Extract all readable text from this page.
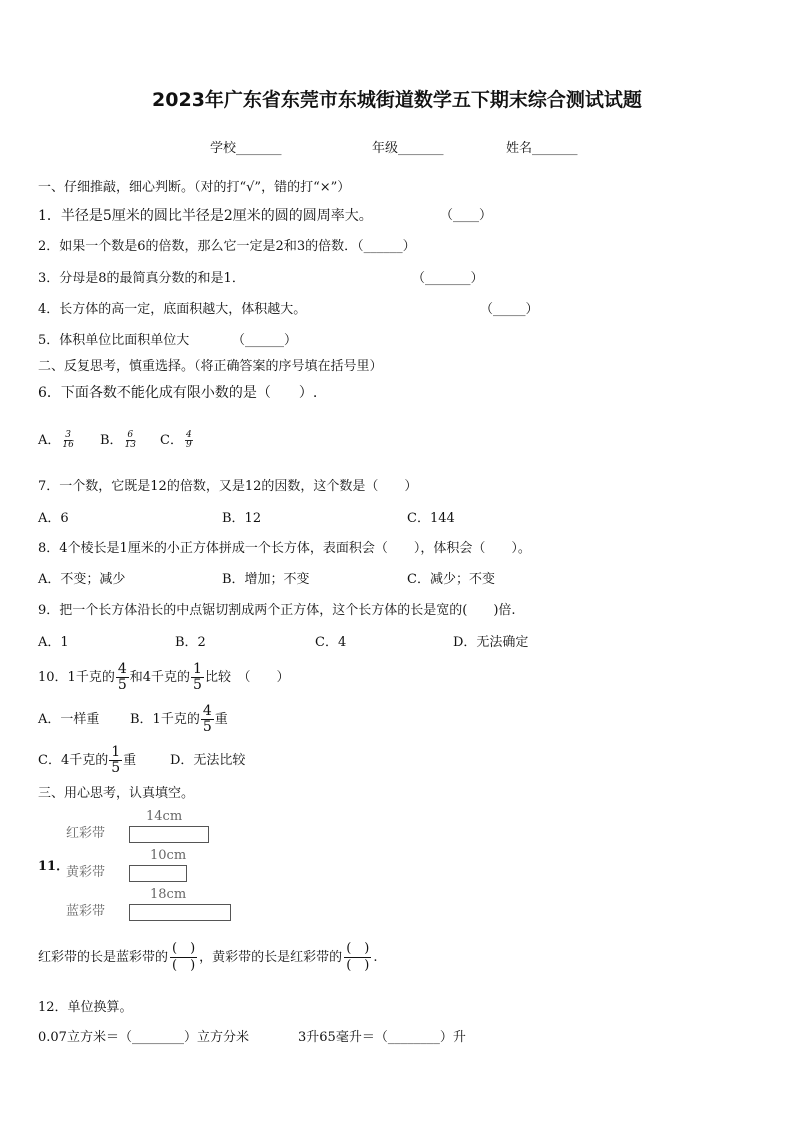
2023年广东省东莞市东城街道数学五下期末综合测试试题
学校_______	年级_______	姓名_______
一、仔细推敲，细心判断。（对的打“√”，错的打“×”）
1．半径是5厘米的圆比半径是2厘米的圆的圆周率大。	（____）
2．如果一个数是6的倍数，那么它一定是2和3的倍数．（______）
3．分母是8的最简真分数的和是1．	（_______）
4．长方体的高一定，底面积越大，体积越大。	（_____）
5．体积单位比面积单位大	（______）
二、反复思考，慎重选择。（将正确答案的序号填在括号里）
6．下面各数不能化成有限小数的是（　　）.
A． $\frac{3}{16}$ B． $\frac{6}{13}$ C． $\frac{4}{9}$
7．一个数，它既是12的倍数，又是12的因数，这个数是（　　）
A．6	B．12	C．144
8．4个棱长是1厘米的小正方体拼成一个长方体，表面积会（　　），体积会（　　）。
A．不变；减少	B．增加；不变	C．减少；不变
9．把一个长方体沿长的中点锯切割成两个正方体，这个长方体的长是宽的(　　)倍.
A．1	B．2	C．4	D．无法确定
10．1千克的 $\frac{4}{5}$ 和4千克的 $\frac{1}{5}$ 比较　（　　）
A．一样重 B．1千克的 $\frac{4}{5}$ 重
C．4千克的 $\frac{1}{5}$ 重	D．无法比较
三、用心思考，认真填空。
11．
14cm
红彩带
10cm
黄彩带
18cm
蓝彩带
红彩带的长是蓝彩带的
(　)
(　)
，黄彩带的长是红彩带的
(　)
(　)
.
12．单位换算。
0.07立方米＝（________）立方分米	3升65毫升＝（________）升
